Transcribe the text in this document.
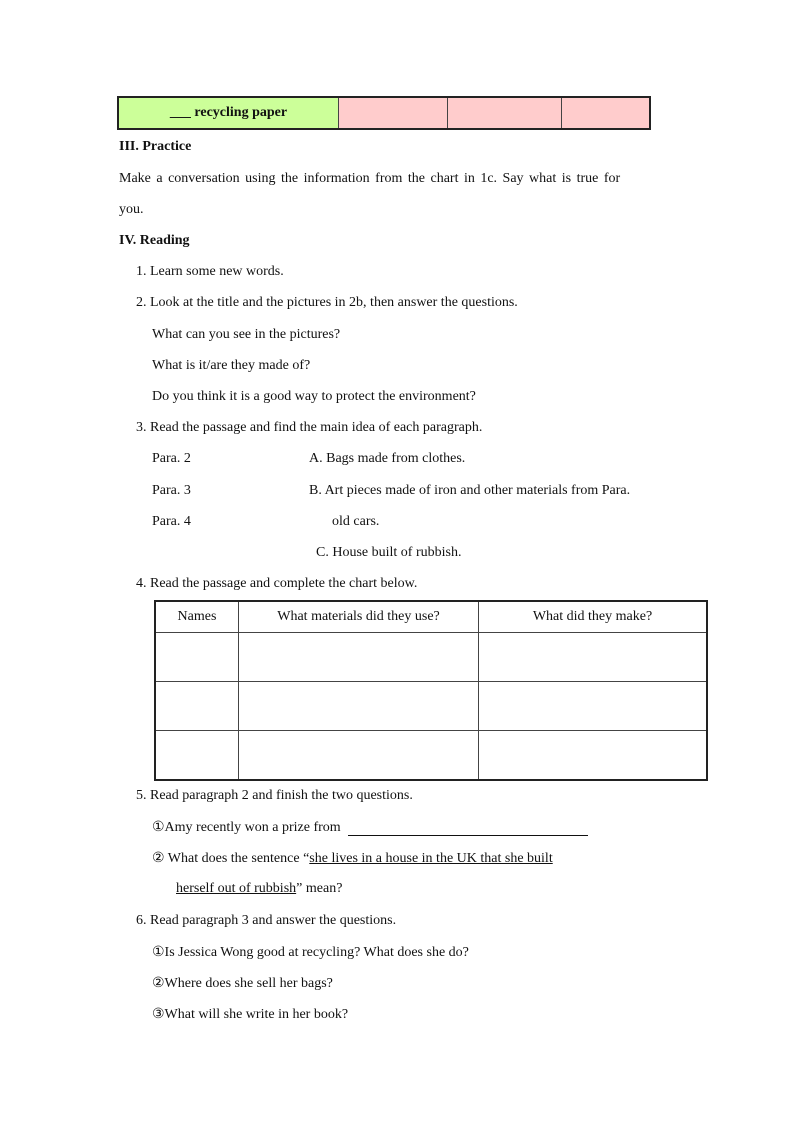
___ recycling paper
III. Practice
Make a conversation using the information from the chart in 1c. Say what is true for
you.
IV. Reading
1. Learn some new words.
2. Look at the title and the pictures in 2b, then answer the questions.
What can you see in the pictures?
What is it/are they made of?
Do you think it is a good way to protect the environment?
3. Read the passage and find the main idea of each paragraph.
Para. 2
Para. 3
Para. 4
A. Bags made from clothes.
B. Art pieces made of iron and other materials from Para.
old cars.
C. House built of rubbish.
4. Read the passage and complete the chart below.
Names	What materials did they use?	What did they make?

5. Read paragraph 2 and finish the two questions.
①Amy recently won a prize from
② What does the sentence “she lives in a house in the UK that she built
herself out of rubbish” mean?
6. Read paragraph 3 and answer the questions.
①Is Jessica Wong good at recycling? What does she do?
②Where does she sell her bags?
③What will she write in her book?
